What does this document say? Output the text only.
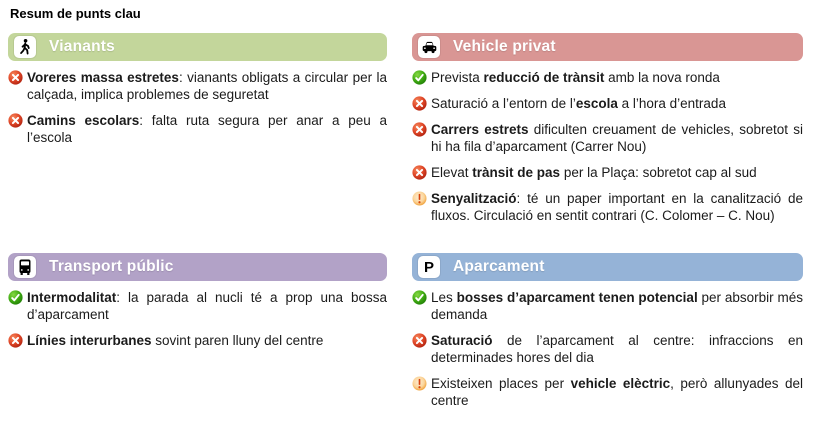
Resum de punts clau
Vianants
Voreres massa estretes: vianants obligats a circular per la calçada, implica problemes de seguretat
Camins escolars: falta ruta segura per anar a peu a l’escola
Vehicle privat
Prevista reducció de trànsit amb la nova ronda
Saturació a l’entorn de l’escola a l’hora d’entrada
Carrers estrets dificulten creuament de vehicles, sobretot si hi ha fila d’aparcament (Carrer Nou)
Elevat trànsit de pas per la Plaça: sobretot cap al sud
Senyalització: té un paper important en la canalització de fluxos. Circulació en sentit contrari (C. Colomer – C. Nou)
Transport públic
Intermodalitat: la parada al nucli té a prop una bossa d’aparcament
Línies interurbanes sovint paren lluny del centre
P Aparcament
Les bosses d’aparcament tenen potencial per absorbir més demanda
Saturació de l’aparcament al centre: infraccions en determinades hores del dia
Existeixen places per vehicle elèctric, però allunyades del centre
